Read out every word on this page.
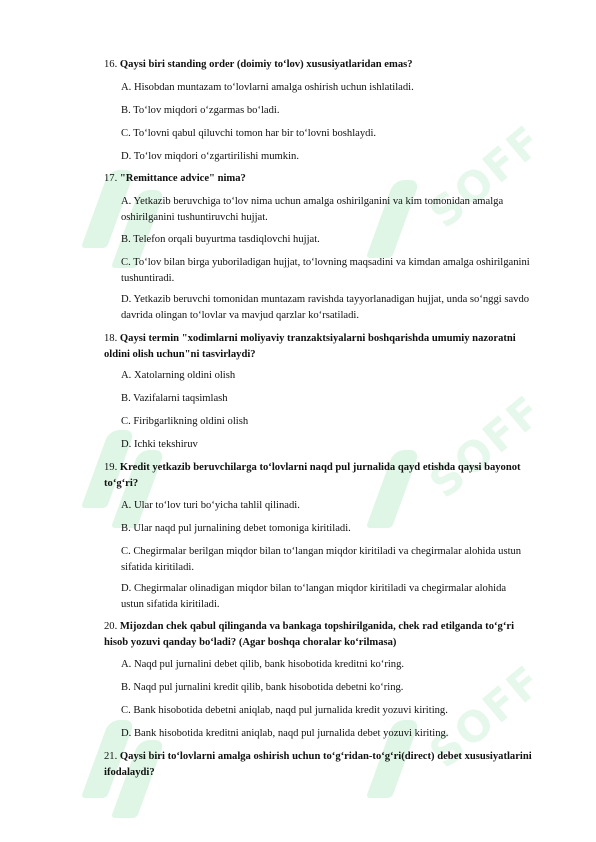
SOFF
SOFF
SOFF
16. Qaysi biri standing order (doimiy to‘lov) xususiyatlaridan emas?
A. Hisobdan muntazam to‘lovlarni amalga oshirish uchun ishlatiladi.
B. To‘lov miqdori o‘zgarmas bo‘ladi.
C. To‘lovni qabul qiluvchi tomon har bir to‘lovni boshlaydi.
D. To‘lov miqdori o‘zgartirilishi mumkin.
17. "Remittance advice" nima?
A. Yetkazib beruvchiga to‘lov nima uchun amalga oshirilganini va kim tomonidan amalga oshirilganini tushuntiruvchi hujjat.
B. Telefon orqali buyurtma tasdiqlovchi hujjat.
C. To‘lov bilan birga yuboriladigan hujjat, to‘lovning maqsadini va kimdan amalga oshirilganini tushuntiradi.
D. Yetkazib beruvchi tomonidan muntazam ravishda tayyorlanadigan hujjat, unda so‘nggi savdo davrida olingan to‘lovlar va mavjud qarzlar ko‘rsatiladi.
18. Qaysi termin "xodimlarni moliyaviy tranzaktsiyalarni boshqarishda umumiy nazoratni oldini olish uchun"ni tasvirlaydi?
A. Xatolarning oldini olish
B. Vazifalarni taqsimlash
C. Firibgarlikning oldini olish
D. Ichki tekshiruv
19. Kredit yetkazib beruvchilarga to‘lovlarni naqd pul jurnalida qayd etishda qaysi bayonot to‘g‘ri?
A. Ular to‘lov turi bo‘yicha tahlil qilinadi.
B. Ular naqd pul jurnalining debet tomoniga kiritiladi.
C. Chegirmalar berilgan miqdor bilan to‘langan miqdor kiritiladi va chegirmalar alohida ustun sifatida kiritiladi.
D. Chegirmalar olinadigan miqdor bilan to‘langan miqdor kiritiladi va chegirmalar alohida ustun sifatida kiritiladi.
20. Mijozdan chek qabul qilinganda va bankaga topshirilganida, chek rad etilganda to‘g‘ri hisob yozuvi qanday bo‘ladi? (Agar boshqa choralar ko‘rilmasa)
A. Naqd pul jurnalini debet qilib, bank hisobotida kreditni ko‘ring.
B. Naqd pul jurnalini kredit qilib, bank hisobotida debetni ko‘ring.
C. Bank hisobotida debetni aniqlab, naqd pul jurnalida kredit yozuvi kiriting.
D. Bank hisobotida kreditni aniqlab, naqd pul jurnalida debet yozuvi kiriting.
21. Qaysi biri to‘lovlarni amalga oshirish uchun to‘g‘ridan-to‘g‘ri(direct) debet xususiyatlarini ifodalaydi?
